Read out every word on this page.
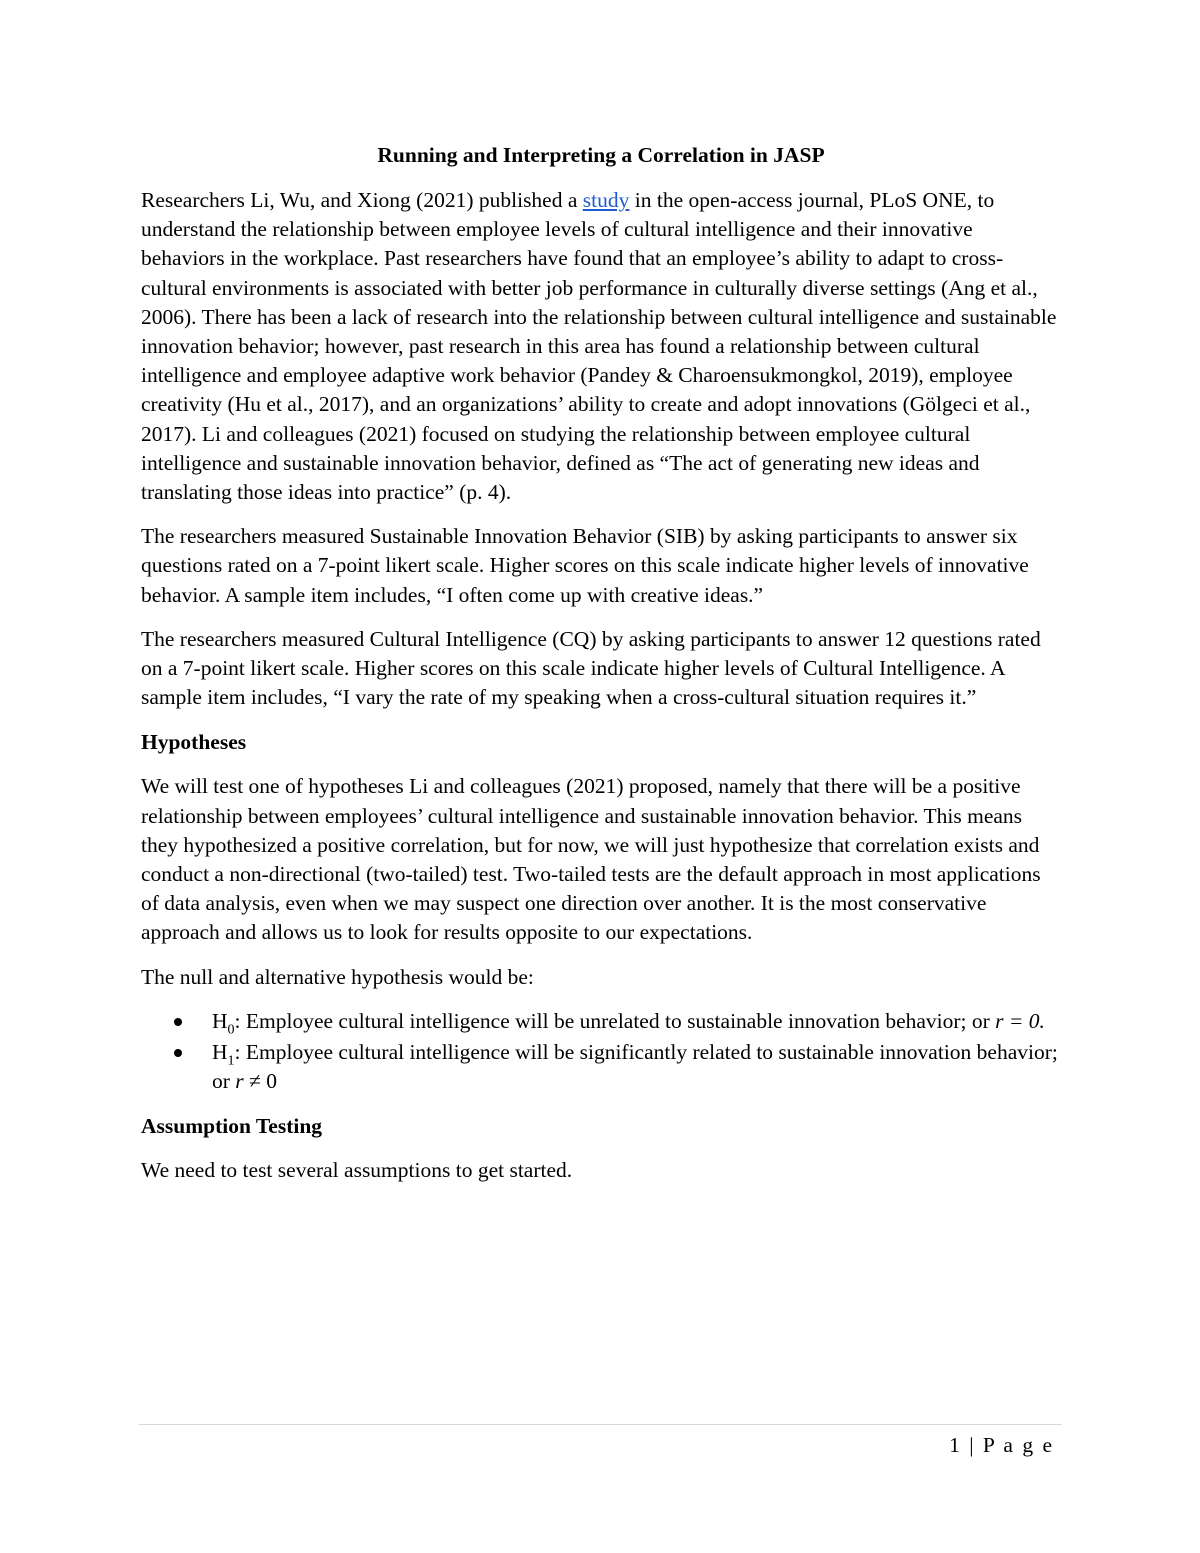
Running and Interpreting a Correlation in JASP

Researchers Li, Wu, and Xiong (2021) published a study in the open-access journal, PLoS ONE, to understand the relationship between employee levels of cultural intelligence and their innovative behaviors in the workplace. Past researchers have found that an employee’s ability to adapt to cross-cultural environments is associated with better job performance in culturally diverse settings (Ang et al., 2006). There has been a lack of research into the relationship between cultural intelligence and sustainable innovation behavior; however, past research in this area has found a relationship between cultural intelligence and employee adaptive work behavior (Pandey & Charoensukmongkol, 2019), employee creativity (Hu et al., 2017), and an organizations’ ability to create and adopt innovations (Gölgeci et al., 2017). Li and colleagues (2021) focused on studying the relationship between employee cultural intelligence and sustainable innovation behavior, defined as “The act of generating new ideas and translating those ideas into practice” (p. 4).

The researchers measured Sustainable Innovation Behavior (SIB) by asking participants to answer six questions rated on a 7-point likert scale. Higher scores on this scale indicate higher levels of innovative behavior. A sample item includes, “I often come up with creative ideas.”

The researchers measured Cultural Intelligence (CQ) by asking participants to answer 12 questions rated on a 7-point likert scale. Higher scores on this scale indicate higher levels of Cultural Intelligence. A sample item includes, “I vary the rate of my speaking when a cross-cultural situation requires it.”

Hypotheses

We will test one of hypotheses Li and colleagues (2021) proposed, namely that there will be a positive relationship between employees’ cultural intelligence and sustainable innovation behavior. This means they hypothesized a positive correlation, but for now, we will just hypothesize that correlation exists and conduct a non-directional (two-tailed) test. Two-tailed tests are the default approach in most applications of data analysis, even when we may suspect one direction over another. It is the most conservative approach and allows us to look for results opposite to our expectations.

The null and alternative hypothesis would be:

$H_0$: Employee cultural intelligence will be unrelated to sustainable innovation behavior; or r = 0.
$H_1$: Employee cultural intelligence will be significantly related to sustainable innovation behavior; or r ≠ 0
Assumption Testing

We need to test several assumptions to get started.

1 | P a g e
